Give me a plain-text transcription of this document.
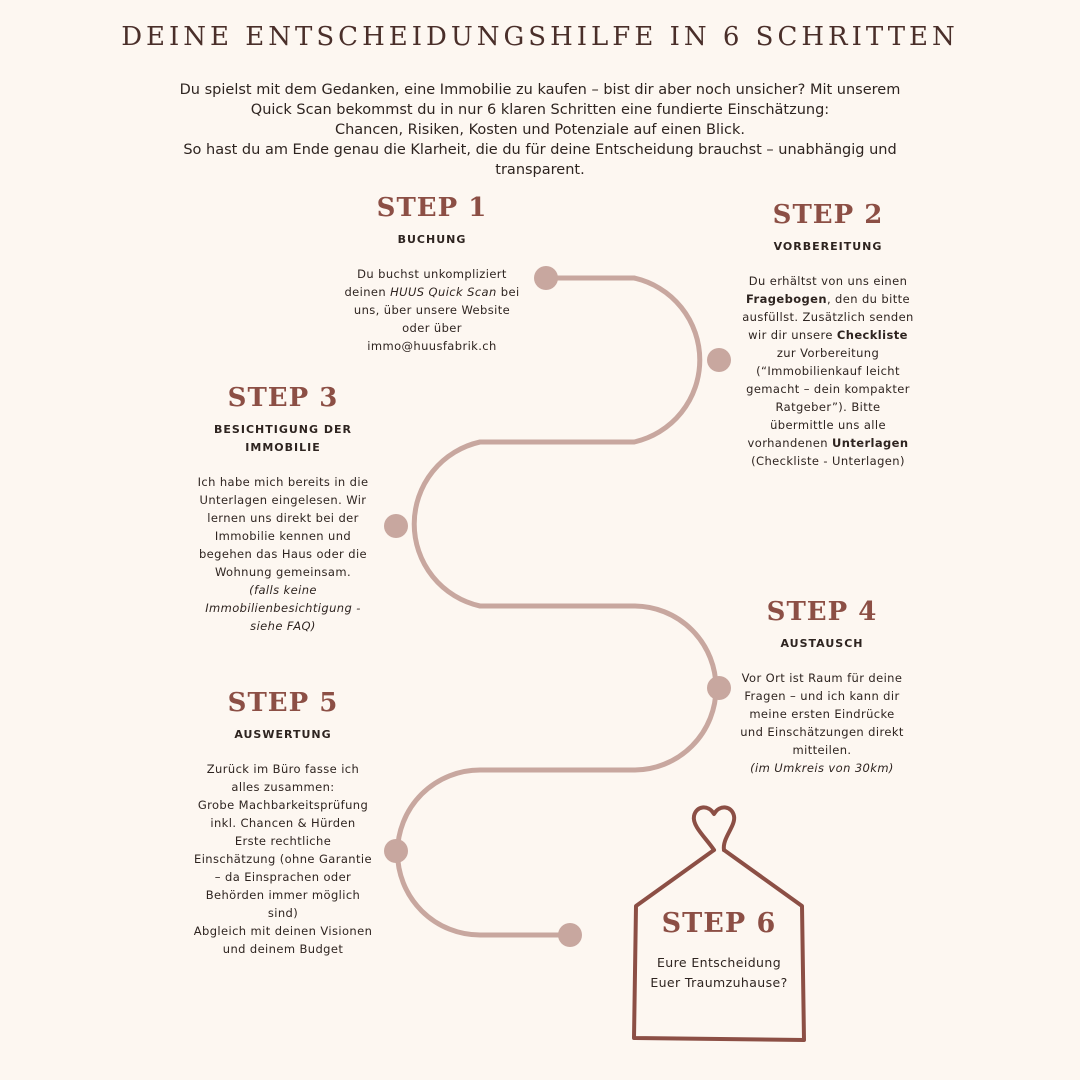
DEINE ENTSCHEIDUNGSHILFE IN 6 SCHRITTEN
Du spielst mit dem Gedanken, eine Immobilie zu kaufen – bist dir aber noch unsicher? Mit unserem
Quick Scan bekommst du in nur 6 klaren Schritten eine fundierte Einschätzung:
Chancen, Risiken, Kosten und Potenziale auf einen Blick.
So hast du am Ende genau die Klarheit, die du für deine Entscheidung brauchst – unabhängig und transparent.
STEP 1
BUCHUNG
Du buchst unkompliziert deinen HUUS Quick Scan bei uns, über unsere Website oder über immo@huusfabrik.ch
STEP 2
VORBEREITUNG
Du erhältst von uns einen Fragebogen, den du bitte ausfüllst. Zusätzlich senden wir dir unsere Checkliste zur Vorbereitung (“Immobilienkauf leicht gemacht – dein kompakter Ratgeber”). Bitte übermittle uns alle vorhandenen Unterlagen (Checkliste - Unterlagen)
STEP 3
BESICHTIGUNG DER IMMOBILIE

Ich habe mich bereits in die Unterlagen eingelesen. Wir lernen uns direkt bei der Immobilie kennen und begehen das Haus oder die Wohnung gemeinsam.

(falls keine Immobilienbesichtigung - siehe FAQ)	STEP 4
AUSTAUSCH

Vor Ort ist Raum für deine Fragen – und ich kann dir meine ersten Eindrücke und Einschätzungen direkt mitteilen.

(im Umkreis von 30km)

STEP 5
AUSWERTUNG

Zurück im Büro fasse ich alles zusammen:

Grobe Machbarkeitsprüfung inkl. Chancen & Hürden

Erste rechtliche Einschätzung (ohne Garantie – da Einsprachen oder Behörden immer möglich sind)

Abgleich mit deinen Visionen und deinem Budget

STEP 6
Eure Entscheidung
Euer Traumzuhause?
